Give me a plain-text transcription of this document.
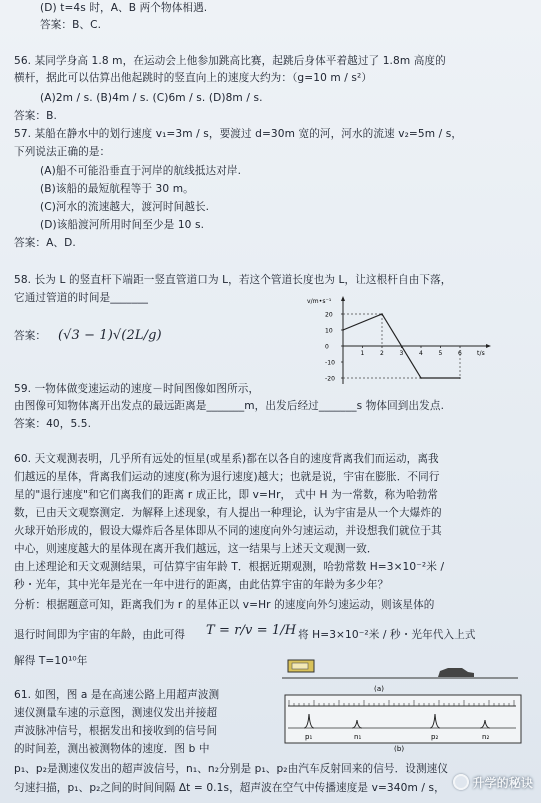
(D) t=4s 时，A、B 两个物体相遇.
答案：B、C.
56. 某同学身高 1.8 m，在运动会上他参加跳高比赛，起跳后身体平着越过了 1.8m 高度的
横杆，据此可以估算出他起跳时的竖直向上的速度大约为：（g=10 m / s²）
(A)2m / s. (B)4m / s. (C)6m / s. (D)8m / s.
答案：B.
57. 某船在静水中的划行速度 v₁=3m / s，要渡过 d=30m 宽的河，河水的流速 v₂=5m / s，
下列说法正确的是：
(A)船不可能沿垂直于河岸的航线抵达对岸.
(B)该船的最短航程等于 30 m。
(C)河水的流速越大，渡河时间越长.
(D)该船渡河所用时间至少是 10 s.
答案：A、D.
58. 长为 L 的竖直杆下端距一竖直管道口为 L，若这个管道长度也为 L，让这根杆自由下落，
它通过管道的时间是_______
答案： (√3 − 1)√(2L/g)
v/m•s⁻¹
t/s
20
10
0
-10
-20
1	2	3	4	5	6
59. 一物体做变速运动的速度－时间图像如图所示，
由图像可知物体离开出发点的最远距离是_______m，出发后经过_______s 物体回到出发点.
答案：40，5.5.
60. 天文观测表明，几乎所有远处的恒星(或星系)都在以各自的速度背离我们而运动，离我
们越远的星体，背离我们运动的速度(称为退行速度)越大；也就是说，宇宙在膨胀．不同行
星的"退行速度"和它们离我们的距离 r 成正比，即 v=Hr， 式中 H 为一常数，称为哈勃常
数，已由天文观察测定．为解释上述现象，有人提出一种理论，认为宇宙是从一个大爆炸的
火球开始形成的，假设大爆炸后各星体即从不同的速度向外匀速运动，并设想我们就位于其
中心，则速度越大的星体现在离开我们越远，这一结果与上述天文观测一致．
由上述理论和天文观测结果，可估算宇宙年龄 T．根据近期观测，哈勃常数 H=3×10⁻²米 /
秒・光年，其中光年是光在一年中进行的距离，由此估算宇宙的年龄为多少年？
分析：根据题意可知，距离我们为 r 的星体正以 v=Hr 的速度向外匀速运动，则该星体的
退行时间即为宇宙的年龄，由此可得 T = r/v = 1/H 将 H=3×10⁻²米 / 秒・光年代入上式
解得 T=10¹⁰年
61. 如图，图 a 是在高速公路上用超声波测
速仪测量车速的示意图，测速仪发出并接超
声波脉冲信号，根据发出和接收到的信号间
的时间差，测出被测物体的速度．图 b 中
p₁、p₂是测速仪发出的超声波信号，n₁、n₂分别是 p₁、p₂由汽车反射回来的信号．设测速仪
匀速扫描，p₁、p₂之间的时间间隔 Δt = 0.1s，超声波在空气中传播速度是 v=340m / s，
(a)
p₁	n₁	p₂	n₂
(b)
升学的秘诀
